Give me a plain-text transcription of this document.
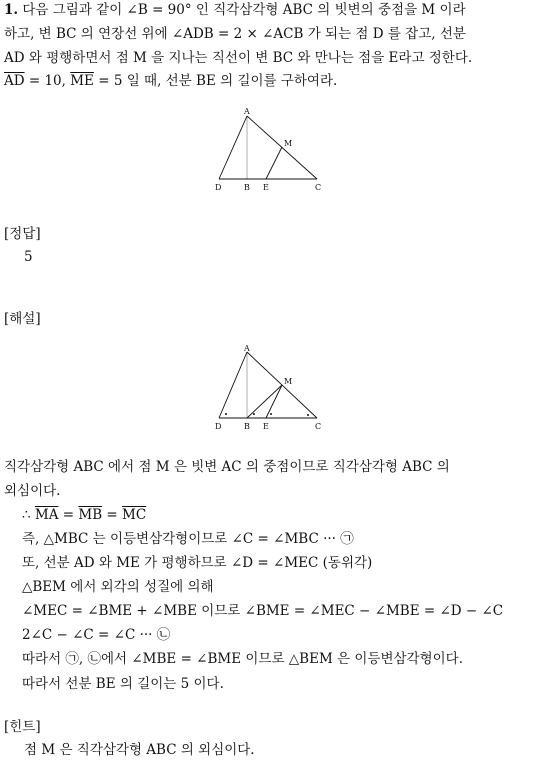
1. 다음 그림과 같이 ∠B = 90° 인 직각삼각형 ABC 의 빗변의 중점을 M 이라
하고, 변 BC 의 연장선 위에 ∠ADB = 2 × ∠ACB 가 되는 점 D 를 잡고, 선분
AD 와 평행하면서 점 M 을 지나는 직선이 변 BC 와 만나는 점을 E라고 정한다.
$\overline{AD} = 10$, $\overline{ME} = 5$ 일 때, 선분 BE 의 길이를 구하여라.
A
M
D	B E	C
[정답]
5
[해설]
A
M
D	B E	C
직각삼각형 ABC 에서 점 M 은 빗변 AC 의 중점이므로 직각삼각형 ABC 의
외심이다.
∴ $\overline{MA} = \overline{MB} = \overline{MC}$
즉, △MBC 는 이등변삼각형이므로 ∠C = ∠MBC ··· ㉠
또, 선분 AD 와 ME 가 평행하므로 ∠D = ∠MEC (동위각)
△BEM 에서 외각의 성질에 의해
∠MEC = ∠BME + ∠MBE 이므로 ∠BME = ∠MEC − ∠MBE = ∠D − ∠C
2∠C − ∠C = ∠C ··· ㉡
따라서 ㉠, ㉡에서 ∠MBE = ∠BME 이므로 △BEM 은 이등변삼각형이다.
따라서 선분 BE 의 길이는 5 이다.
[힌트]
점 M 은 직각삼각형 ABC 의 외심이다.
